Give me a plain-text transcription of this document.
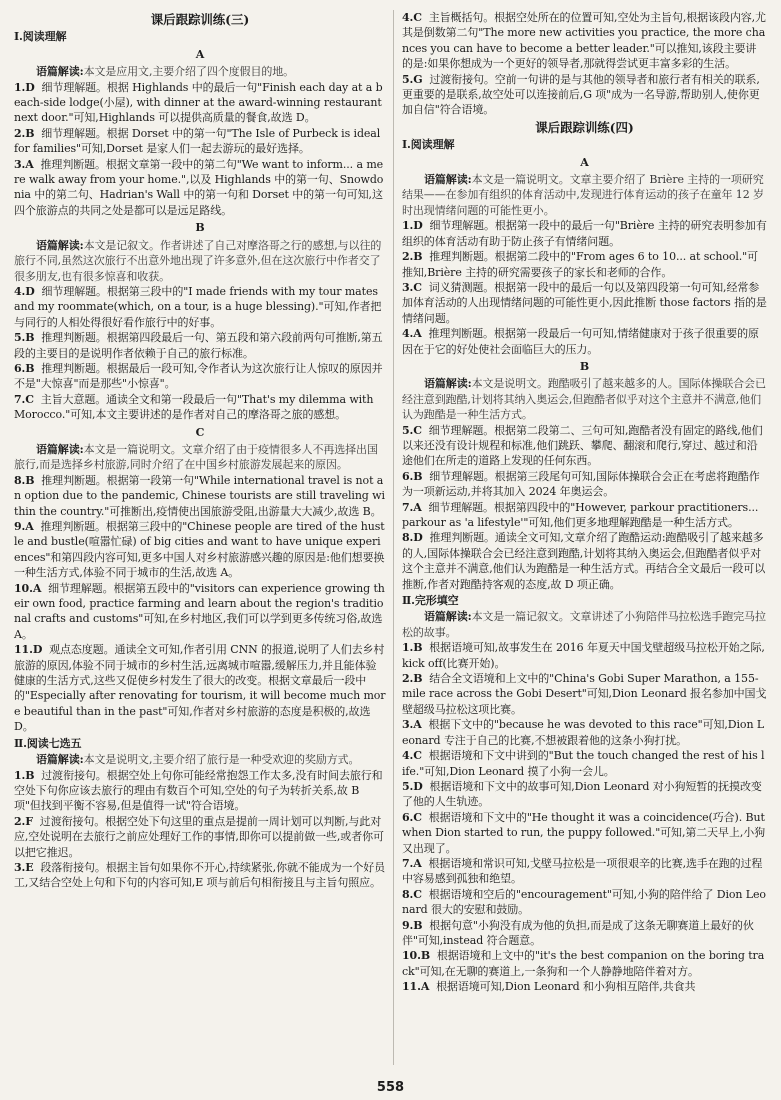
课后跟踪训练(三)
Ⅰ.阅读理解
A

语篇解读:本文是应用文,主要介绍了四个度假目的地。

1.D 细节理解题。根据 Highlands 中的最后一句"Finish each day at a beach-side lodge(小屋), with dinner at the award-winning restaurant next door."可知,Highlands 可以提供高质量的餐食,故选 D。

2.B 细节理解题。根据 Dorset 中的第一句"The Isle of Purbeck is ideal for families"可知,Dorset 是家人们一起去游玩的最好选择。

3.A 推理判断题。根据文章第一段中的第二句"We want to inform... a mere walk away from your home.",以及 Highlands 中的第一句、Snowdonia 中的第二句、Hadrian's Wall 中的第一句和 Dorset 中的第一句可知,这四个旅游点的共同之处是都可以是远足路线。

B

语篇解读:本文是记叙文。作者讲述了自己对摩洛哥之行的感想,与以往的旅行不同,虽然这次旅行不出意外地出现了许多意外,但在这次旅行中作者交了很多朋友,也有很多惊喜和收获。

4.D 细节理解题。根据第三段中的"I made friends with my tour mates and my roommate(which, on a tour, is a huge blessing)."可知,作者把与同行的人相处得很好看作旅行中的好事。

5.B 推理判断题。根据第四段最后一句、第五段和第六段前两句可推断,第五段的主要目的是说明作者依赖于自己的旅行标准。

6.B 推理判断题。根据最后一段可知,令作者认为这次旅行让人惊叹的原因并不是"大惊喜"而是那些"小惊喜"。

7.C 主旨大意题。通读全文和第一段最后一句"That's my dilemma with Morocco."可知,本文主要讲述的是作者对自己的摩洛哥之旅的感想。

C

语篇解读:本文是一篇说明文。文章介绍了由于疫情很多人不再选择出国旅行,而是选择乡村旅游,同时介绍了在中国乡村旅游发展起来的原因。

8.B 推理判断题。根据第一段第一句"While international travel is not an option due to the pandemic, Chinese tourists are still traveling within the country."可推断出,疫情使出国旅游受阻,出游量大大减少,故选 B。

9.A 推理判断题。根据第三段中的"Chinese people are tired of the hustle and bustle(喧嚣忙碌) of big cities and want to have unique experiences"和第四段内容可知,更多中国人对乡村旅游感兴趣的原因是:他们想要换一种生活方式,体验不同于城市的生活,故选 A。

10.A 细节理解题。根据第五段中的"visitors can experience growing their own food, practice farming and learn about the region's traditional crafts and customs"可知,在乡村地区,我们可以学到更多传统习俗,故选 A。

11.D 观点态度题。通读全文可知,作者引用 CNN 的报道,说明了人们去乡村旅游的原因,体验不同于城市的乡村生活,远离城市喧嚣,缓解压力,并且能体验健康的生活方式,这些又促使乡村发生了很大的改变。根据文章最后一段中的"Especially after renovating for tourism, it will become much more beautiful than in the past"可知,作者对乡村旅游的态度是积极的,故选 D。

Ⅱ.阅读七选五

语篇解读:本文是说明文,主要介绍了旅行是一种受欢迎的奖励方式。

1.B 过渡衔接句。根据空处上句你可能经常抱怨工作太多,没有时间去旅行和空处下句你应该去旅行的理由有数百个可知,空处的句子为转折关系,故 B 项"但找到平衡不容易,但是值得一试"符合语境。

2.F 过渡衔接句。根据空处下句这里的重点是提前一周计划可以判断,与此对应,空处说明在去旅行之前应处理好工作的事情,即你可以提前做一些,或者你可以把它推迟。

3.E 段落衔接句。根据主旨句如果你不开心,持续紧张,你就不能成为一个好员工,又结合空处上句和下句的内容可知,E 项与前后句相衔接且与主旨句照应。

4.C 主旨概括句。根据空处所在的位置可知,空处为主旨句,根据该段内容,尤其是倒数第二句"The more new activities you practice, the more chances you can have to become a better leader."可以推知,该段主要讲的是:如果你想成为一个更好的领导者,那就得尝试更丰富多彩的生活。

5.G 过渡衔接句。空前一句讲的是与其他的领导者和旅行者有相关的联系,更重要的是联系,故空处可以连接前后,G 项"成为一名导游,帮助别人,使你更加自信"符合语境。

课后跟踪训练(四)
Ⅰ.阅读理解
A

语篇解读:本文是一篇说明文。文章主要介绍了 Brière 主持的一项研究结果——在参加有组织的体育活动中,发现进行体育运动的孩子在童年 12 岁时出现情绪问题的可能性更小。

1.D 细节理解题。根据第一段中的最后一句"Brière 主持的研究表明参加有组织的体育活动有助于防止孩子有情绪问题。

2.B 推理判断题。根据第二段中的"From ages 6 to 10... at school."可推知,Brière 主持的研究需要孩子的家长和老师的合作。

3.C 词义猜测题。根据第一段中的最后一句以及第四段第一句可知,经常参加体育活动的人出现情绪问题的可能性更小,因此推断 those factors 指的是情绪问题。

4.A 推理判断题。根据第一段最后一句可知,情绪健康对于孩子很重要的原因在于它的好处使社会面临巨大的压力。

B

语篇解读:本文是说明文。跑酷吸引了越来越多的人。国际体操联合会已经注意到跑酷,计划将其纳入奥运会,但跑酷者似乎对这个主意并不满意,他们认为跑酷是一种生活方式。

5.C 细节理解题。根据第二段第二、三句可知,跑酷者没有固定的路线,他们以来还没有设计规程和标准,他们跳跃、攀爬、翻滚和爬行,穿过、越过和沿途他们在所走的道路上发现的任何东西。

6.B 细节理解题。根据第三段尾句可知,国际体操联合会正在考虑将跑酷作为一项新运动,并将其加入 2024 年奥运会。

7.A 细节理解题。根据第四段中的"However, parkour practitioners... parkour as 'a lifestyle'"可知,他们更多地理解跑酷是一种生活方式。

8.D 推理判断题。通读全文可知,文章介绍了跑酷运动:跑酷吸引了越来越多的人,国际体操联合会已经注意到跑酷,计划将其纳入奥运会,但跑酷者似乎对这个主意并不满意,他们认为跑酷是一种生活方式。再结合全文最后一段可以推断,作者对跑酷持客观的态度,故 D 项正确。

Ⅱ.完形填空

语篇解读:本文是一篇记叙文。文章讲述了小狗陪伴马拉松选手跑完马拉松的故事。

1.B 根据语境可知,故事发生在 2016 年夏天中国戈壁超级马拉松开始之际,kick off(比赛开始)。

2.B 结合全文语境和上文中的"China's Gobi Super Marathon, a 155-mile race across the Gobi Desert"可知,Dion Leonard 报名参加中国戈壁超级马拉松这项比赛。

3.A 根据下文中的"because he was devoted to this race"可知,Dion Leonard 专注于自己的比赛,不想被跟着他的这条小狗打扰。

4.C 根据语境和下文中讲到的"But the touch changed the rest of his life."可知,Dion Leonard 摸了小狗一会儿。

5.D 根据语境和下文中的故事可知,Dion Leonard 对小狗短暂的抚摸改变了他的人生轨迹。

6.C 根据语境和下文中的"He thought it was a coincidence(巧合). But when Dion started to run, the puppy followed."可知,第二天早上,小狗又出现了。

7.A 根据语境和常识可知,戈壁马拉松是一项很艰辛的比赛,选手在跑的过程中容易感到孤独和绝望。

8.C 根据语境和空后的"encouragement"可知,小狗的陪伴给了 Dion Leonard 很大的安慰和鼓励。

9.B 根据句意"小狗没有成为他的负担,而是成了这条无聊赛道上最好的伙伴"可知,instead 符合题意。

10.B 根据语境和上文中的"it's the best companion on the boring track"可知,在无聊的赛道上,一条狗和一个人静静地陪伴着对方。

11.A 根据语境可知,Dion Leonard 和小狗相互陪伴,共食共

558
